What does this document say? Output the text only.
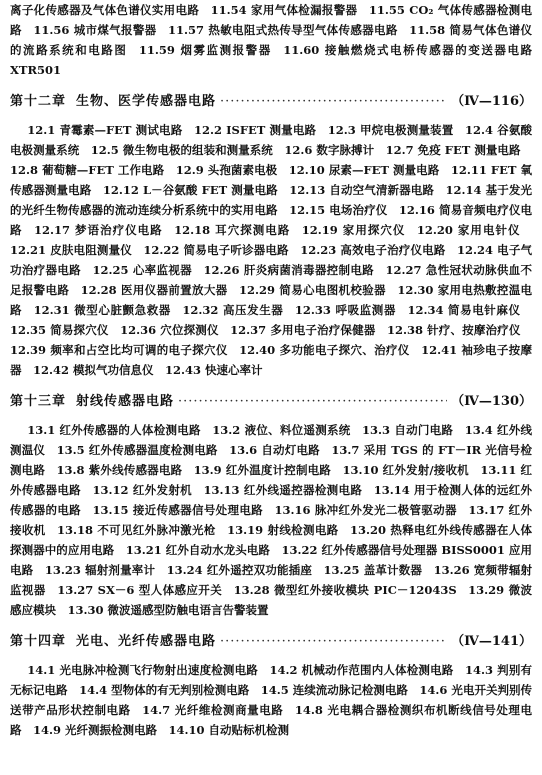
离子化传感器及气体色谱仪实用电路  11.54 家用气体检漏报警器  11.55 CO₂ 气体传感器检测电路  11.56 城市煤气报警器  11.57 热敏电阻式热传导型气体传感器电路  11.58 简易气体色谱仪的流路系统和电路图  11.59 烟雾监测报警器  11.60 接触燃烧式电桥传感器的变送器电路 XTR501

第十二章 生物、医学传感器电路 ·····	（Ⅳ—116）

12.1 青霉素—FET 测试电路  12.2 ISFET 测量电路  12.3 甲烷电极测量装置  12.4 谷氨酸电极测量系统  12.5 微生物电极的组装和测量系统  12.6 数字脉搏计  12.7 免疫 FET 测量电路 12.8 葡萄糖—FET 工作电路  12.9 头孢菌素电极  12.10 尿素—FET 测量电路  12.11 FET 氧传感器测量电路  12.12 L－谷氨酸 FET 测量电路  12.13 自动空气清新器电路  12.14 基于发光的光纤生物传感器的流动连续分析系统中的实用电路  12.15 电场治疗仪  12.16 简易音频电疗仪电路  12.17 梦语治疗仪电路  12.18 耳穴探测电路  12.19 家用探穴仪  12.20 家用电针仪 12.21 皮肤电阻测量仪  12.22 简易电子听诊器电路  12.23 高效电子治疗仪电路  12.24 电子气功治疗器电路  12.25 心率监视器  12.26 肝炎病菌消毒器控制电路  12.27 急性冠状动脉供血不足报警电路  12.28 医用仪器前置放大器  12.29 简易心电图机校验器  12.30 家用电热敷控温电路  12.31 微型心脏颤急救器  12.32 高压发生器  12.33 呼吸监测器  12.34 简易电针麻仪 12.35 简易探穴仪  12.36 穴位探测仪  12.37 多用电子治疗保健器  12.38 针疗、按摩治疗仪 12.39 频率和占空比均可调的电子探穴仪  12.40 多功能电子探穴、治疗仪  12.41 袖珍电子按摩器  12.42 模拟气功信息仪  12.43 快速心率计

第十三章 射线传感器电路 ·····	（Ⅳ—130）

13.1 红外传感器的人体检测电路  13.2 液位、料位遥测系统  13.3 自动门电路  13.4 红外线测温仪  13.5 红外传感器温度检测电路  13.6 自动灯电路  13.7 采用 TGS 的 FT－IR 光信号检测电路  13.8 紫外线传感器电路  13.9 红外温度计控制电路  13.10 红外发射/接收机  13.11 红外传感器电路  13.12 红外发射机  13.13 红外线遥控器检测电路  13.14 用于检测人体的远红外传感器的电路  13.15 接近传感器信号处理电路  13.16 脉冲红外发光二极管驱动器  13.17 红外接收机  13.18 不可见红外脉冲激光枪  13.19 射线检测电路  13.20 热释电红外线传感器在人体探测器中的应用电路  13.21 红外自动水龙头电路  13.22 红外传感器信号处理器 BISS0001 应用电路  13.23 辐射剂量率计  13.24 红外遥控双功能插座  13.25 盖革计数器  13.26 宽频带辐射监视器  13.27 SX－6 型人体感应开关  13.28 微型红外接收模块 PIC－12043S  13.29 微波感应模块  13.30 微波遥感型防触电语言告警装置

第十四章 光电、光纤传感器电路 ·····	（Ⅳ—141）

14.1 光电脉冲检测飞行物射出速度检测电路  14.2 机械动作范围内人体检测电路  14.3 判别有无标记电路  14.4 型物体的有无判别检测电路  14.5 连续流动脉记检测电路  14.6 光电开关判别传送带产品形状控制电路  14.7 光纤维检测商量电路  14.8 光电耦合器检测织布机断线信号处理电路  14.9 光纤测振检测电路  14.10 自动贴标机检测
